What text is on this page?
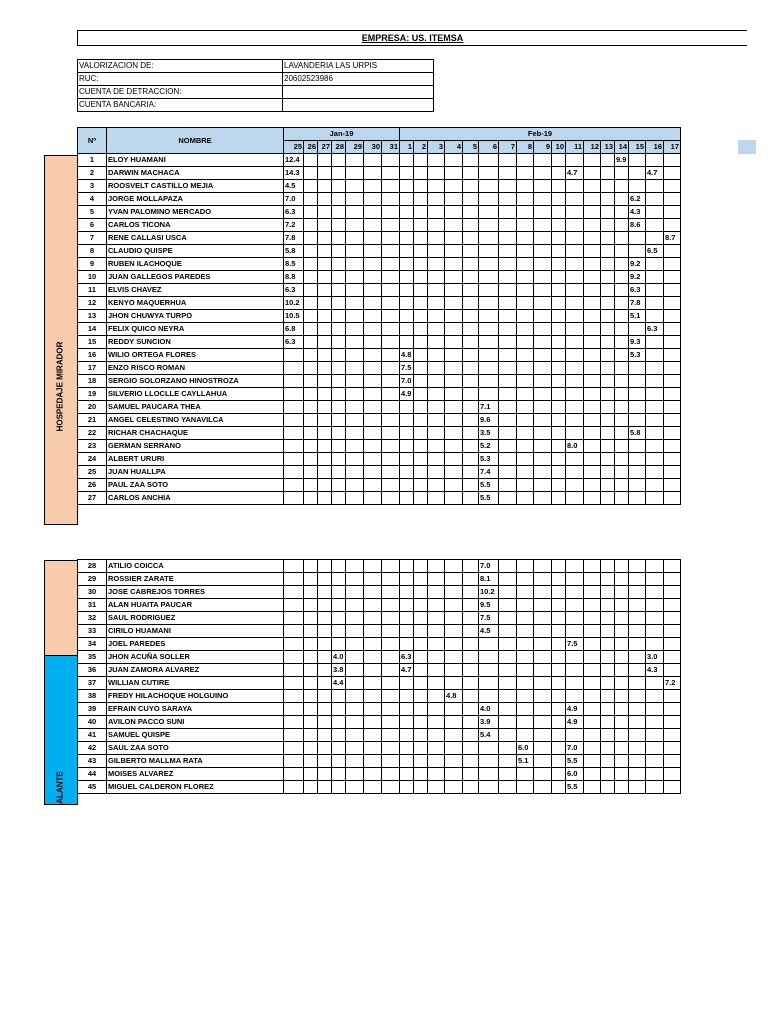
EMPRESA: US. ITEMSA
VALORIZACION DE:	LAVANDERIA LAS URPIS
RUC:	20602523986
CUENTA DE DETRACCION:	
CUENTA BANCARIA:	
HOSPEDAJE MIRADOR
ALANTE
Nº	NOMBRE	Jan-19							Feb-19																
		25	26	27	28	29	30	31	1	2	3	4	5	6	7	8	9	10	11	12	13	14	15	16	17
1	ELOY HUAMANI	12.4																				9.9			
2	DARWIN MACHACA	14.3																	4.7					4.7	
3	ROOSVELT CASTILLO MEJIA	4.5																							
4	JORGE MOLLAPAZA	7.0																					6.2		
5	YVAN PALOMINO MERCADO	6.3																					4.3		
6	CARLOS TICONA	7.2																					8.6		
7	RENE CALLASI USCA	7.8																							8.7
8	CLAUDIO QUISPE	5.8																						6.5	
9	RUBEN ILACHOQUE	8.5																					9.2		
10	JUAN GALLEGOS PAREDES	8.8																					9.2		
11	ELVIS CHAVEZ	6.3																					6.3		
12	KENYO MAQUERHUA	10.2																					7.8		
13	JHON CHUWYA TURPO	10.5																					5.1		
14	FELIX QUICO NEYRA	6.8																						6.3	
15	REDDY SUNCION	6.3																					9.3		
16	WILIO ORTEGA FLORES								4.8														5.3		
17	ENZO RISCO ROMAN								7.5																
18	SERGIO SOLORZANO HINOSTROZA								7.0																
19	SILVERIO LLOCLLE CAYLLAHUA								4.9																
20	SAMUEL PAUCARA THEA													7.1											
21	ANGEL CELESTINO YANAVILCA													9.6											
22	RICHAR CHACHAQUE													3.5									5.8		
23	GERMAN SERRANO													5.2					8.0						
24	ALBERT URURI													5.3											
25	JUAN HUALLPA													7.4											
26	PAUL ZAA SOTO													5.5											
27	CARLOS ANCHIA													5.5											
28	ATILIO COICCA													7.0											
29	ROSSIER ZARATE													8.1											
30	JOSE CABREJOS TORRES													10.2											
31	ALAN HUAITA PAUCAR													9.5											
32	SAUL RODRIGUEZ													7.5											
33	CIRILO HUAMANI													4.5											
34	JOEL PAREDES																		7.5						
35	JHON ACUÑA SOLLER				4.0				6.3															3.0	
36	JUAN ZAMORA ALVAREZ				3.8				4.7															4.3	
37	WILLIAN CUTIRE				4.4																				7.2
38	FREDY HILACHOQUE HOLGUINO											4.8													
39	EFRAIN CUYO SARAYA													4.0					4.9						
40	AVILON PACCO SUNI													3.9					4.9						
41	SAMUEL QUISPE													5.4											
42	SAUL ZAA SOTO															6.0			7.0						
43	GILBERTO MALLMA RATA															5.1			5.5						
44	MOISES ALVAREZ																		6.0						
45	MIGUEL CALDERON FLOREZ																		5.5						
